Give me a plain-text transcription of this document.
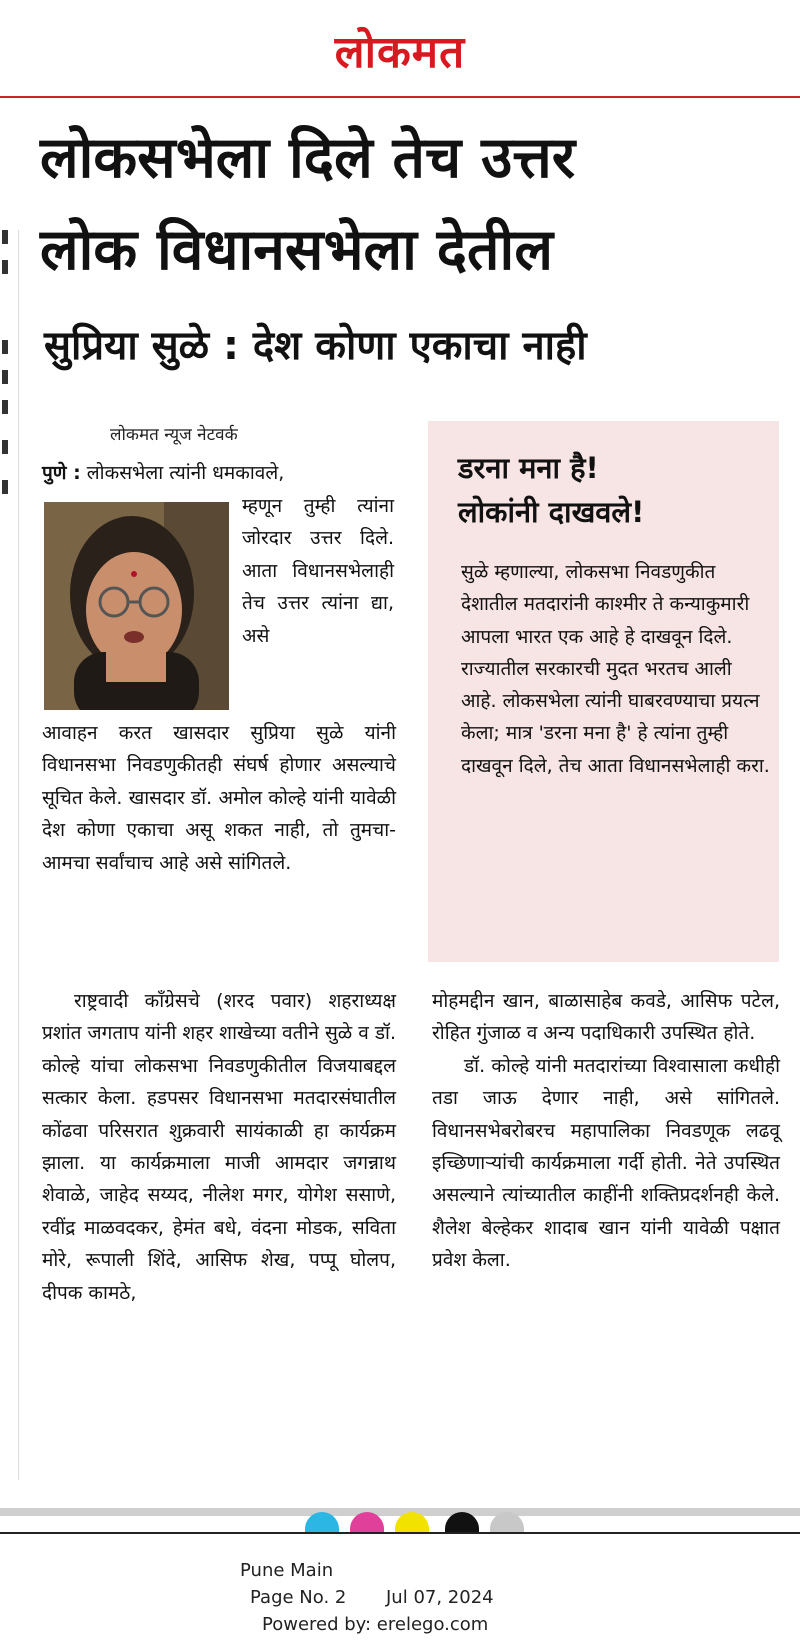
लोकमत
लोकसभेला दिले तेच उत्तर
लोक विधानसभेला देतील
सुप्रिया सुळे : देश कोणा एकाचा नाही
लोकमत न्यूज नेटवर्क
पुणे : लोकसभेला त्यांनी धमकावले,
म्हणून तुम्ही त्यांना जोरदार उत्तर दिले. आता विधानसभेलाही तेच उत्तर त्यांना द्या, असे
आवाहन करत खासदार सुप्रिया सुळे यांनी विधानसभा निवडणुकीतही संघर्ष होणार असल्याचे सूचित केले. खासदार डॉ. अमोल कोल्हे यांनी यावेळी देश कोणा एकाचा असू शकत नाही, तो तुमचा-आमचा सर्वांचाच आहे असे सांगितले.
राष्ट्रवादी काँग्रेसचे (शरद पवार) शहराध्यक्ष प्रशांत जगताप यांनी शहर शाखेच्या वतीने सुळे व डॉ. कोल्हे यांचा लोकसभा निवडणुकीतील विजयाबद्दल सत्कार केला. हडपसर विधानसभा मतदारसंघातील कोंढवा परिसरात शुक्रवारी सायंकाळी हा कार्यक्रम झाला. या कार्यक्रमाला माजी आमदार जगन्नाथ शेवाळे, जाहेद सय्यद, नीलेश मगर, योगेश ससाणे, रवींद्र माळवदकर, हेमंत बधे, वंदना मोडक, सविता मोरे, रूपाली शिंदे, आसिफ शेख, पप्पू घोलप, दीपक कामठे,
डरना मना है!
लोकांनी दाखवले!
सुळे म्हणाल्या, लोकसभा निवडणुकीत देशातील मतदारांनी काश्मीर ते कन्याकुमारी आपला भारत एक आहे हे दाखवून दिले. राज्यातील सरकारची मुदत भरतच आली आहे. लोकसभेला त्यांनी घाबरवण्याचा प्रयत्न केला; मात्र 'डरना मना है' हे त्यांना तुम्ही दाखवून दिले, तेच आता विधानसभेलाही करा.

मोहमद्दीन खान, बाळासाहेब कवडे, आसिफ पटेल, रोहित गुंजाळ व अन्य पदाधिकारी उपस्थित होते.

डॉ. कोल्हे यांनी मतदारांच्या विश्वासाला कधीही तडा जाऊ देणार नाही, असे सांगितले. विधानसभेबरोबरच महापालिका निवडणूक लढवू इच्छिणाऱ्यांची कार्यक्रमाला गर्दी होती. नेते उपस्थित असल्याने त्यांच्यातील काहींनी शक्तिप्रदर्शनही केले. शैलेश बेल्हेकर शादाब खान यांनी यावेळी पक्षात प्रवेश केला.

Pune Main
Page No. 2 Jul 07, 2024
Powered by: erelego.com
